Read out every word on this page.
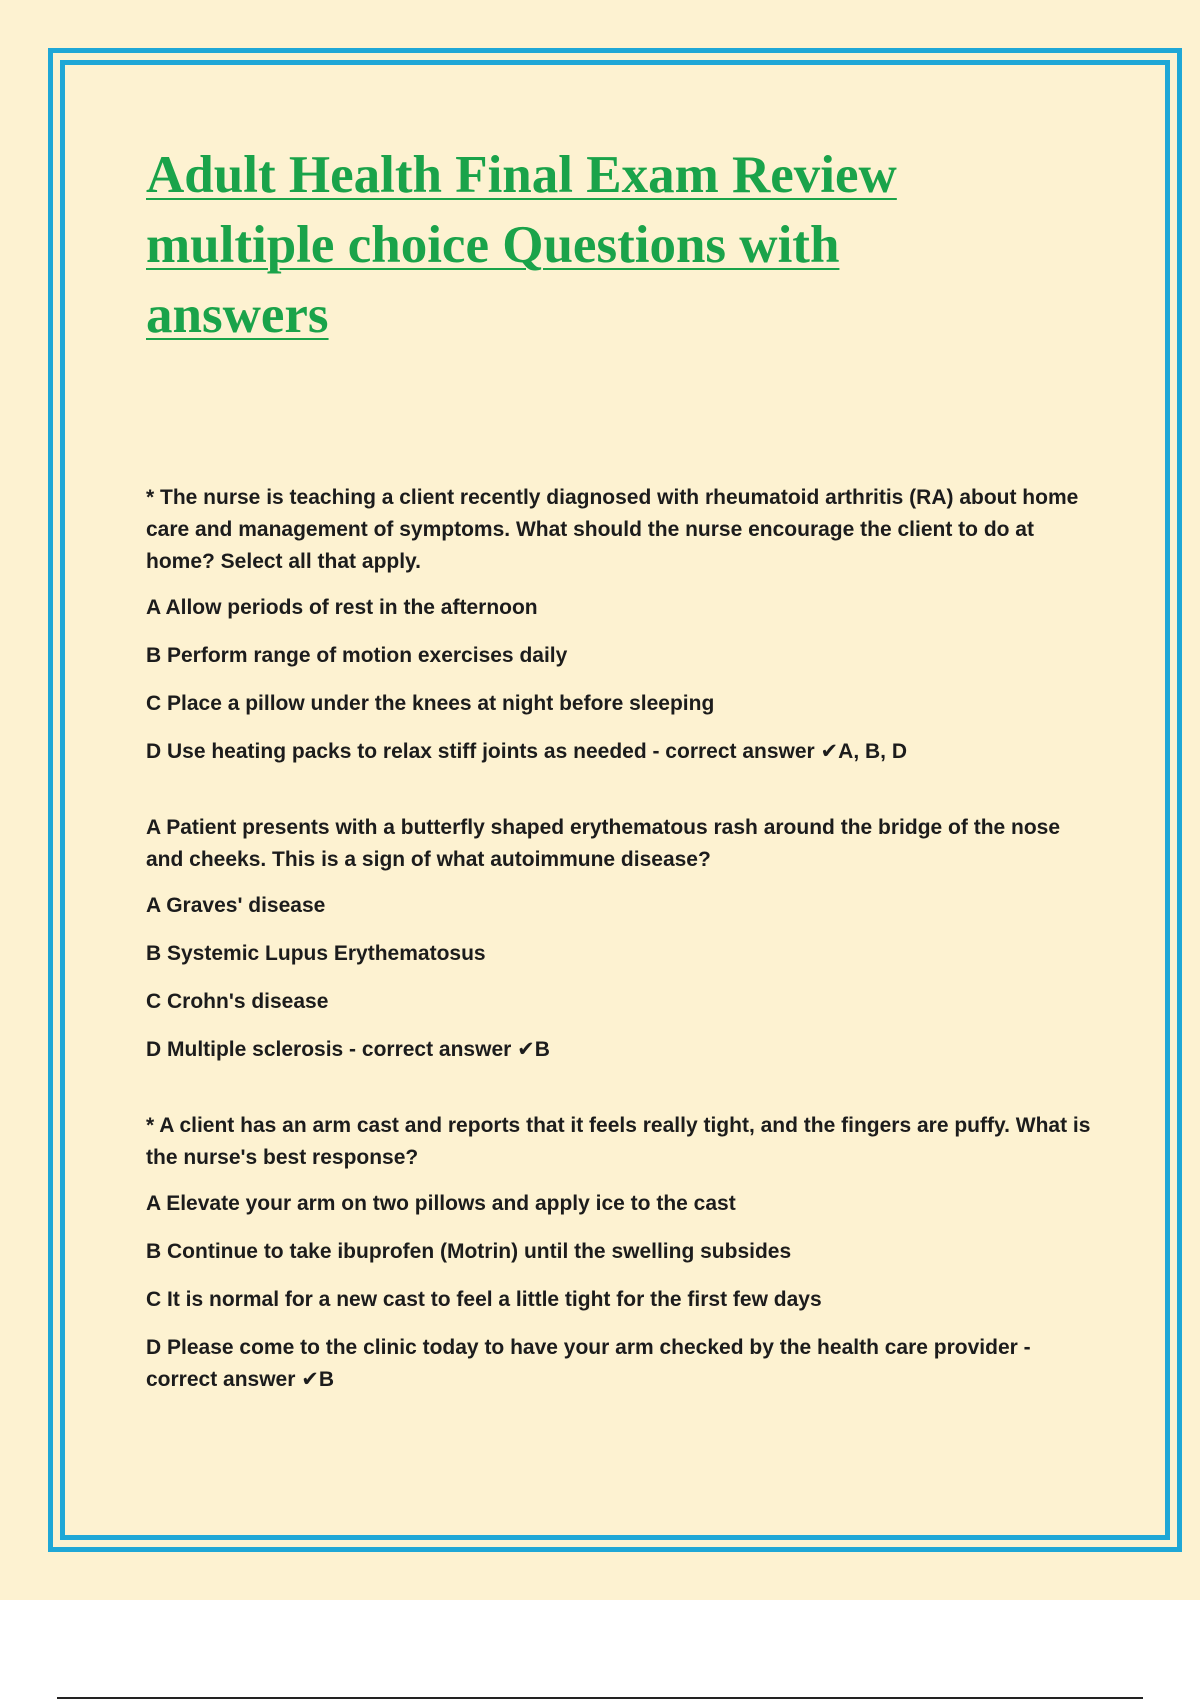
Adult Health Final Exam Review
multiple choice Questions with
answers

* The nurse is teaching a client recently diagnosed with rheumatoid arthritis (RA) about home care and management of symptoms. What should the nurse encourage the client to do at home? Select all that apply.

A Allow periods of rest in the afternoon

B Perform range of motion exercises daily

C Place a pillow under the knees at night before sleeping

D Use heating packs to relax stiff joints as needed - correct answer ✔A, B, D

A Patient presents with a butterfly shaped erythematous rash around the bridge of the nose and cheeks. This is a sign of what autoimmune disease?

A Graves' disease

B Systemic Lupus Erythematosus

C Crohn's disease

D Multiple sclerosis - correct answer ✔B

* A client has an arm cast and reports that it feels really tight, and the fingers are puffy. What is the nurse's best response?

A Elevate your arm on two pillows and apply ice to the cast

B Continue to take ibuprofen (Motrin) until the swelling subsides

C It is normal for a new cast to feel a little tight for the first few days

D Please come to the clinic today to have your arm checked by the health care provider - correct answer ✔B
